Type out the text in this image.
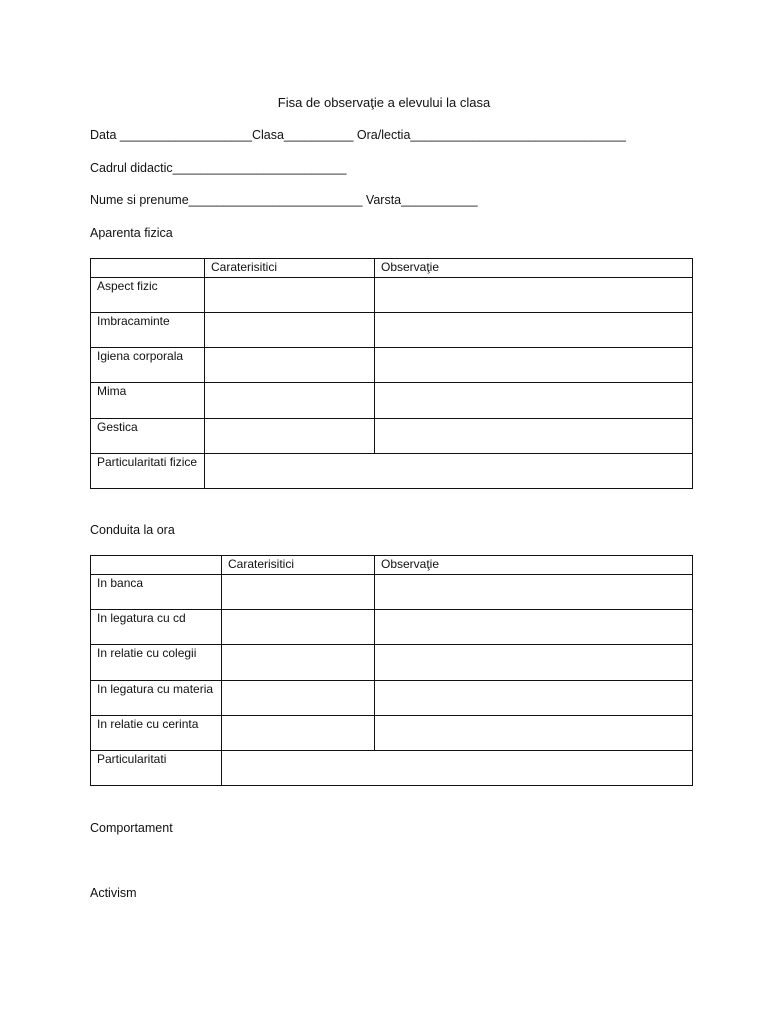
Fisa de observaţie a elevului la clasa
Data ___________________Clasa__________ Ora/lectia_______________________________
Cadrul didactic_________________________
Nume si prenume_________________________ Varsta___________
Aparenta fizica
	Caraterisitici	Observaţie
Aspect fizic		
Imbracaminte		
Igiena corporala		
Mima		
Gestica		
Particularitati fizice		
Conduita la ora
	Caraterisitici	Observaţie
In banca		
In legatura cu cd		
In relatie cu colegii		
In legatura cu materia		
In relatie cu cerinta		
Particularitati		
Comportament
Activism
